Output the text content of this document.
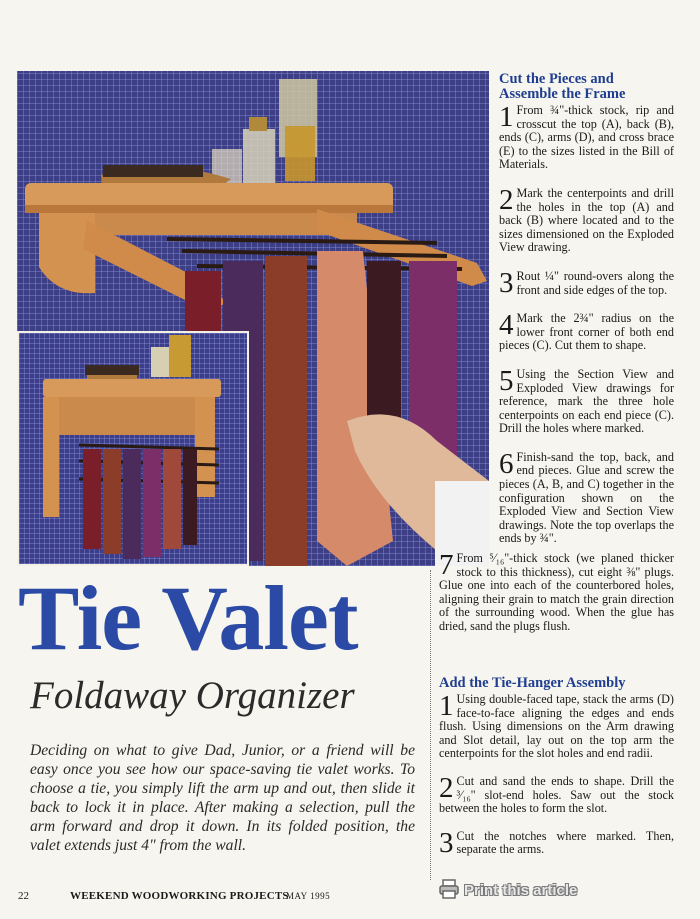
Cut the Pieces and Assemble the Frame
1 From ¾"-thick stock, rip and crosscut the top (A), back (B), ends (C), arms (D), and cross brace (E) to the sizes listed in the Bill of Materials.
2 Mark the centerpoints and drill the holes in the top (A) and back (B) where located and to the sizes dimensioned on the Exploded View drawing.
3 Rout ¼" round-overs along the front and side edges of the top.
4 Mark the 2¾" radius on the lower front corner of both end pieces (C). Cut them to shape.
5 Using the Section View and Exploded View drawings for reference, mark the three hole centerpoints on each end piece (C). Drill the holes where marked.
6 Finish-sand the top, back, and end pieces. Glue and screw the pieces (A, B, and C) together in the configuration shown on the Exploded View and Section View drawings. Note the top overlaps the ends by ¾".
7 From ⁵⁄₁₆"-thick stock (we planed thicker stock to this thickness), cut eight ⅜" plugs. Glue one into each of the counterbored holes, aligning their grain to match the grain direction of the surrounding wood. When the glue has dried, sand the plugs flush.
Add the Tie-Hanger Assembly
1 Using double-faced tape, stack the arms (D) face-to-face aligning the edges and ends flush. Using dimensions on the Arm drawing and Slot detail, lay out on the top arm the centerpoints for the slot holes and end radii.
2 Cut and sand the ends to shape. Drill the ³⁄₁₆" slot-end holes. Saw out the stock between the holes to form the slot.
3 Cut the notches where marked. Then, separate the arms.
Tie Valet
Foldaway Organizer
Deciding on what to give Dad, Junior, or a friend will be easy once you see how our space-saving tie valet works. To choose a tie, you simply lift the arm up and out, then slide it back to lock it in place. After making a selection, pull the arm forward and drop it down. In its folded position, the valet extends just 4" from the wall.
22	WEEKEND WOODWORKING PROJECTS
MAY 1995	Print this article
